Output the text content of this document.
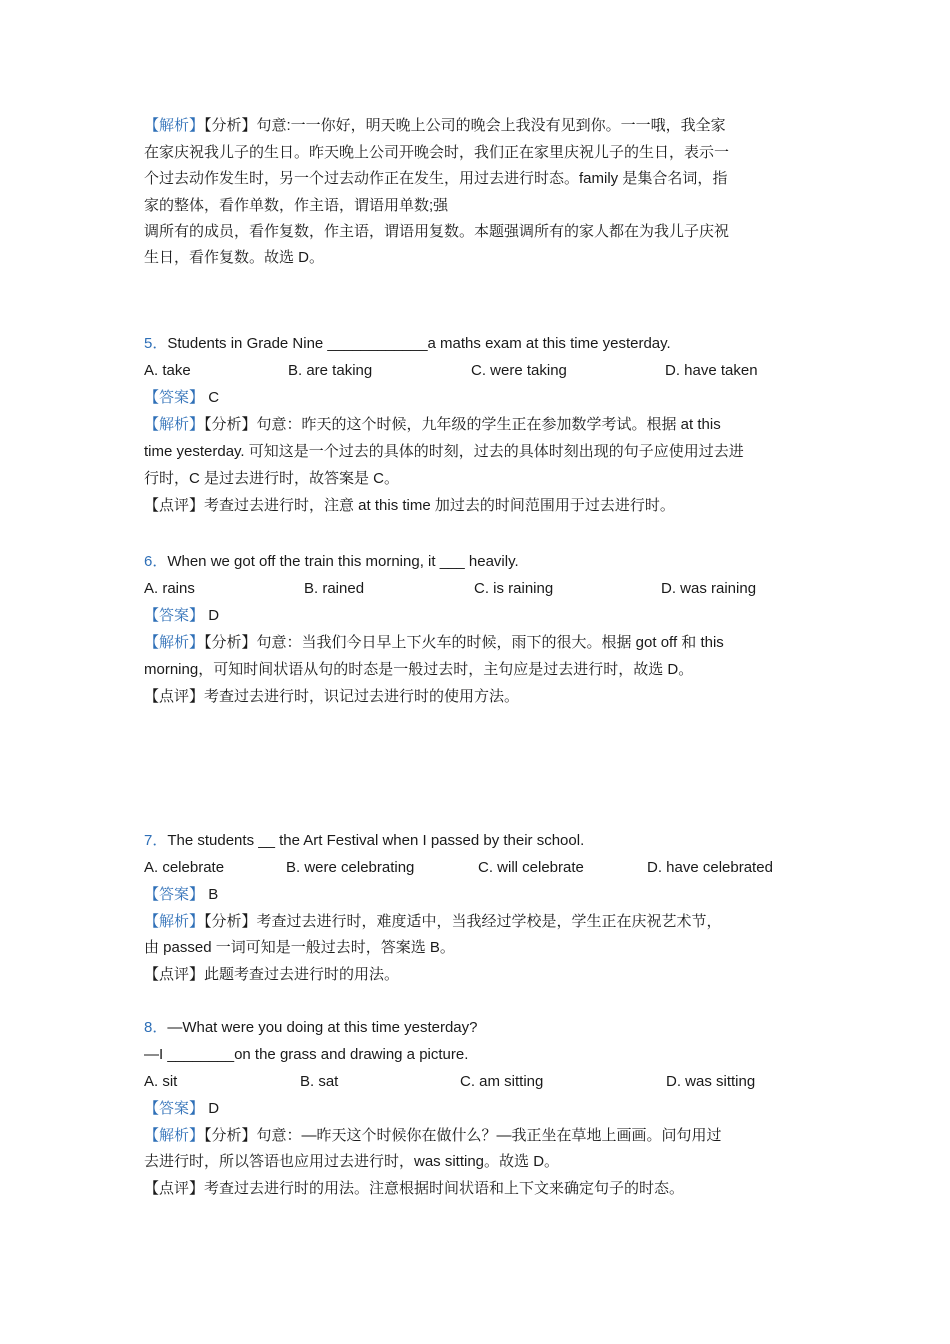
【解析】【分析】句意:一一你好，明天晚上公司的晚会上我没有见到你。一一哦，我全家
在家庆祝我儿子的生日。昨天晚上公司开晚会时，我们正在家里庆祝儿子的生日，表示一
个过去动作发生时，另一个过去动作正在发生，用过去进行时态。family 是集合名词，指
家的整体，看作单数，作主语，谓语用单数;强
调所有的成员，看作复数，作主语，谓语用复数。本题强调所有的家人都在为我儿子庆祝
生日，看作复数。故选 D。
5．Students in Grade Nine ____________a maths exam at this time yesterday.
A. take	B. are taking	C. were taking	D. have taken
【答案】 C
【解析】【分析】句意：昨天的这个时候，九年级的学生正在参加数学考试。根据 at this
time yesterday. 可知这是一个过去的具体的时刻，过去的具体时刻出现的句子应使用过去进
行时，C 是过去进行时，故答案是 C。
【点评】考查过去进行时，注意 at this time 加过去的时间范围用于过去进行时。
6．When we got off the train this morning, it ___ heavily.
A. rains	B. rained	C. is raining	D. was raining
【答案】 D
【解析】【分析】句意：当我们今日早上下火车的时候，雨下的很大。根据 got off 和 this
morning，可知时间状语从句的时态是一般过去时，主句应是过去进行时，故选 D。
【点评】考查过去进行时，识记过去进行时的使用方法。
7．The students __ the Art Festival when I passed by their school.
A. celebrate	B. were celebrating	C. will celebrate	D. have celebrated
【答案】 B
【解析】【分析】考查过去进行时，难度适中，当我经过学校是，学生正在庆祝艺术节，
由 passed 一词可知是一般过去时，答案选 B。
【点评】此题考查过去进行时的用法。
8．—What were you doing at this time yesterday?
—I ________on the grass and drawing a picture.
A. sit	B. sat	C. am sitting	D. was sitting
【答案】 D
【解析】【分析】句意：—昨天这个时候你在做什么？—我正坐在草地上画画。问句用过
去进行时，所以答语也应用过去进行时，was sitting。故选 D。
【点评】考查过去进行时的用法。注意根据时间状语和上下文来确定句子的时态。
